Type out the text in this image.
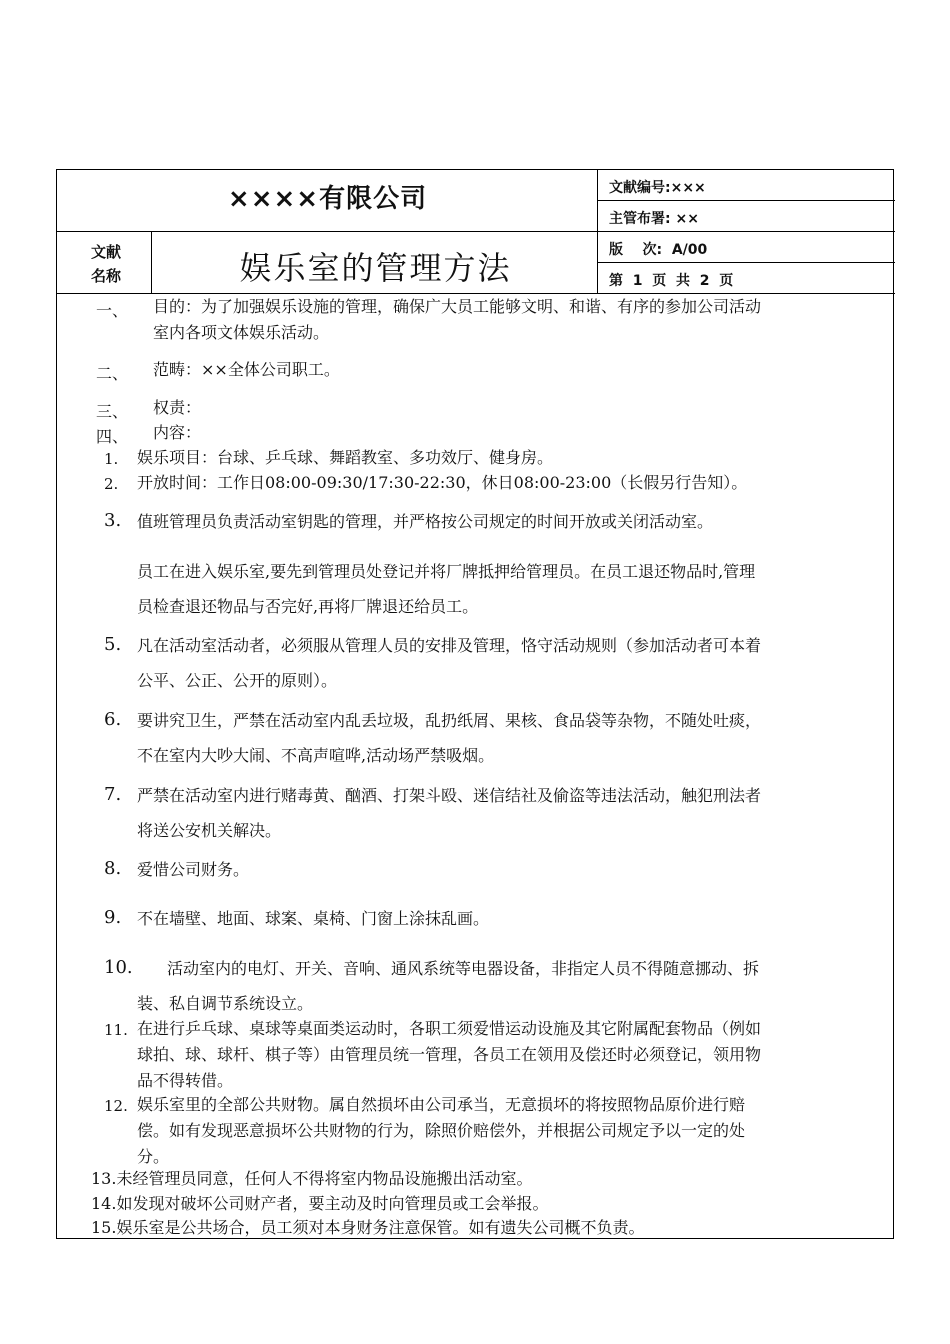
××××有限公司
文献
名称	娱乐室的管理方法
文献编号:×××
主管布署: ××
版    次:  A/00
第  1  页  共  2  页
一、 目的：为了加强娱乐设施的管理，确保广大员工能够文明、和谐、有序的参加公司活动
室内各项文体娱乐活动。
二、 范畴：××全体公司职工。
三、 权责：
四、 内容：
1. 娱乐项目：台球、乒乓球、舞蹈教室、多功效厅、健身房。
2. 开放时间：工作日08:00-09:30/17:30-22:30，休日08:00-23:00（长假另行告知）。
3. 值班管理员负责活动室钥匙的管理，并严格按公司规定的时间开放或关闭活动室。
员工在进入娱乐室,要先到管理员处登记并将厂牌抵押给管理员。在员工退还物品时,管理
员检查退还物品与否完好,再将厂牌退还给员工。
5. 凡在活动室活动者，必须服从管理人员的安排及管理，恪守活动规则（参加活动者可本着
公平、公正、公开的原则）。
6. 要讲究卫生，严禁在活动室内乱丢垃圾，乱扔纸屑、果核、食品袋等杂物，不随处吐痰，
不在室内大吵大闹、不高声喧哗,活动场严禁吸烟。
7. 严禁在活动室内进行赌毒黄、酗酒、打架斗殴、迷信结社及偷盗等违法活动，触犯刑法者
将送公安机关解决。
8. 爱惜公司财务。
9. 不在墙壁、地面、球案、桌椅、门窗上涂抹乱画。
10. 活动室内的电灯、开关、音响、通风系统等电器设备，非指定人员不得随意挪动、拆
装、私自调节系统设立。
11. 在进行乒乓球、桌球等桌面类运动时，各职工须爱惜运动设施及其它附属配套物品（例如
球拍、球、球杆、棋子等）由管理员统一管理，各员工在领用及偿还时必须登记，领用物
品不得转借。
12. 娱乐室里的全部公共财物。属自然损坏由公司承当，无意损坏的将按照物品原价进行赔
偿。如有发现恶意损坏公共财物的行为，除照价赔偿外，并根据公司规定予以一定的处
分。
13.未经管理员同意，任何人不得将室内物品设施搬出活动室。
14.如发现对破坏公司财产者，要主动及时向管理员或工会举报。
15.娱乐室是公共场合，员工须对本身财务注意保管。如有遗失公司概不负责。
